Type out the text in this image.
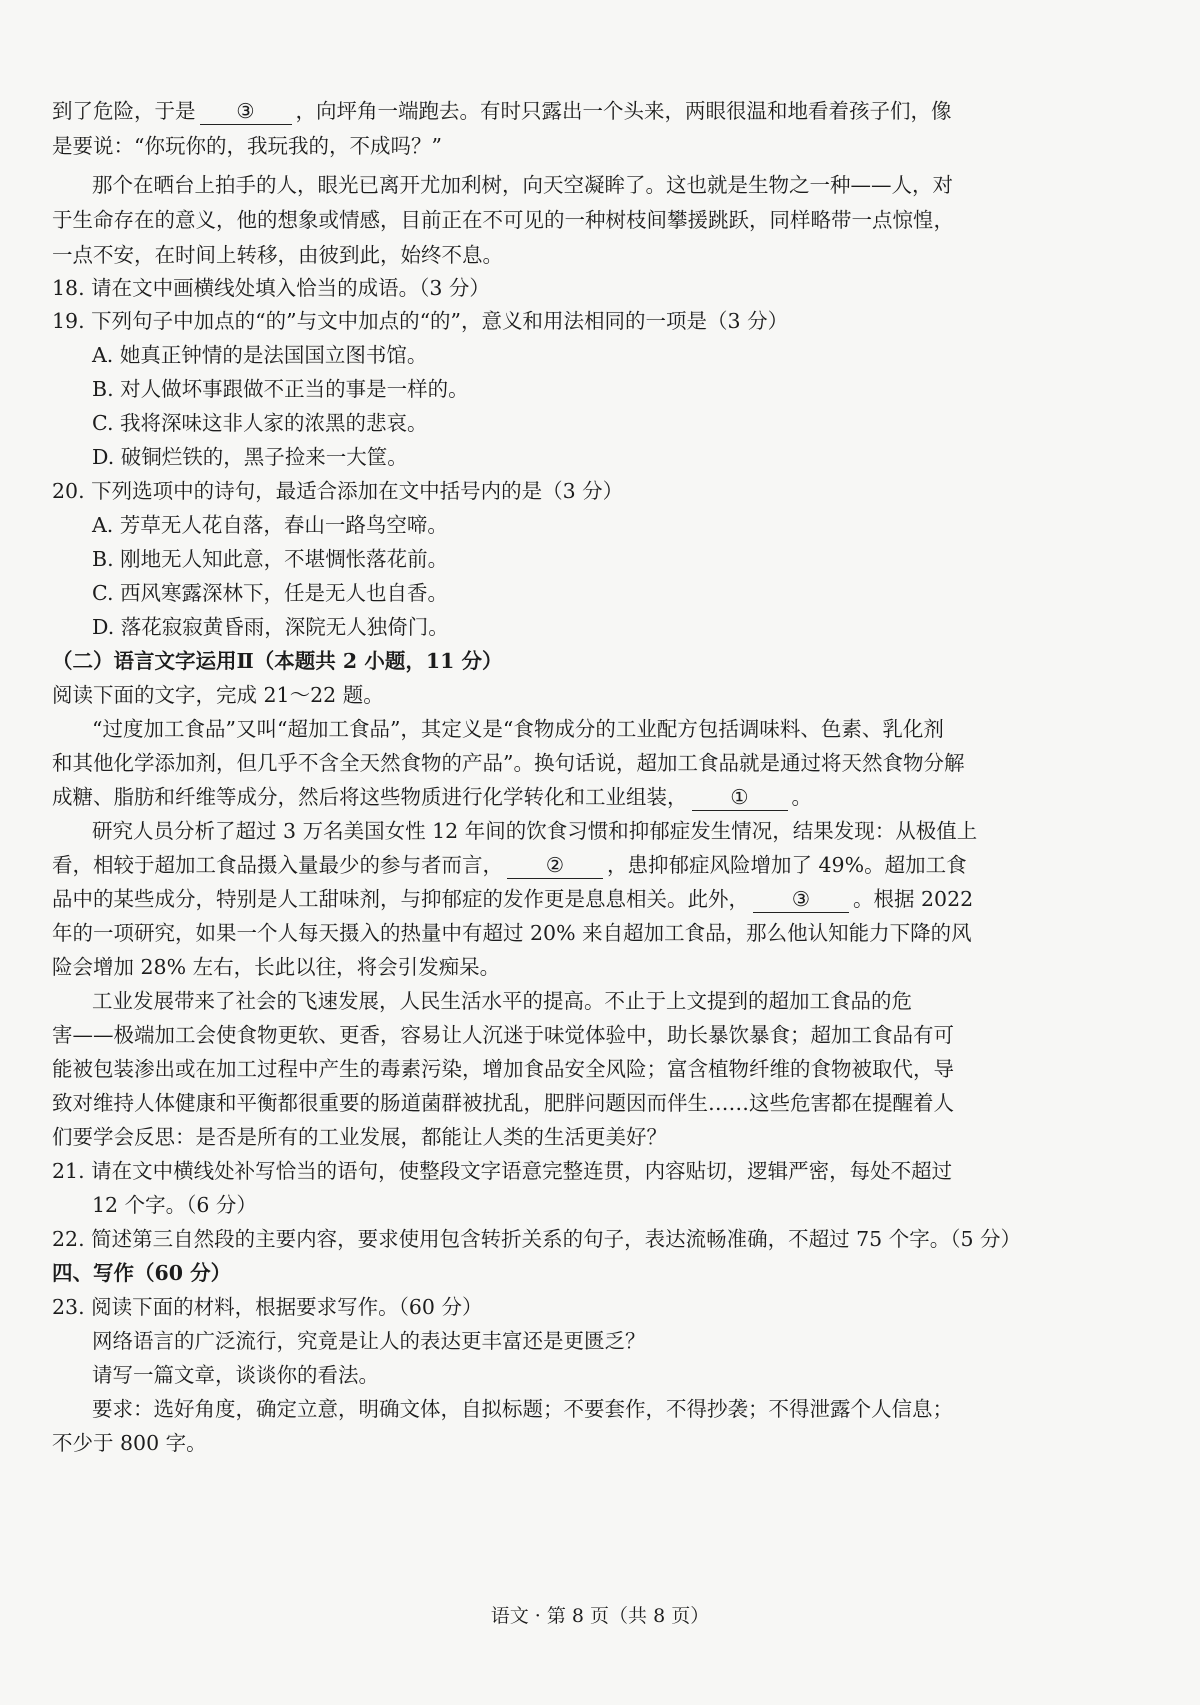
到了危险，于是 ③ ，向坪角一端跑去。有时只露出一个头来，两眼很温和地看着孩子们，像
是要说：“你玩你的，我玩我的，不成吗？”
那个在晒台上拍手的人，眼光已离开尤加利树，向天空凝眸了。这也就是生物之一种——人，对
于生命存在的意义，他的想象或情感，目前正在不可见的一种树枝间攀援跳跃，同样略带一点惊惶，
一点不安，在时间上转移，由彼到此，始终不息。
18. 请在文中画横线处填入恰当的成语。（3 分）
19. 下列句子中加点的“的”与文中加点的“的”，意义和用法相同的一项是（3 分）
A. 她真正钟情的是法国国立图书馆。
B. 对人做坏事跟做不正当的事是一样的。
C. 我将深味这非人家的浓黑的悲哀。
D. 破铜烂铁的，黑子捡来一大筐。
20. 下列选项中的诗句，最适合添加在文中括号内的是（3 分）
A. 芳草无人花自落，春山一路鸟空啼。
B. 刚地无人知此意，不堪惆怅落花前。
C. 西风寒露深林下，任是无人也自香。
D. 落花寂寂黄昏雨，深院无人独倚门。
（二）语言文字运用Ⅱ（本题共 2 小题，11 分）
阅读下面的文字，完成 21～22 题。
“过度加工食品”又叫“超加工食品”，其定义是“食物成分的工业配方包括调味料、色素、乳化剂
和其他化学添加剂，但几乎不含全天然食物的产品”。换句话说，超加工食品就是通过将天然食物分解
成糖、脂肪和纤维等成分，然后将这些物质进行化学转化和工业组装， ① 。
研究人员分析了超过 3 万名美国女性 12 年间的饮食习惯和抑郁症发生情况，结果发现：从极值上
看，相较于超加工食品摄入量最少的参与者而言， ② ，患抑郁症风险增加了 49%。超加工食
品中的某些成分，特别是人工甜味剂，与抑郁症的发作更是息息相关。此外， ③ 。根据 2022
年的一项研究，如果一个人每天摄入的热量中有超过 20% 来自超加工食品，那么他认知能力下降的风
险会增加 28% 左右，长此以往，将会引发痴呆。
工业发展带来了社会的飞速发展，人民生活水平的提高。不止于上文提到的超加工食品的危
害——极端加工会使食物更软、更香，容易让人沉迷于味觉体验中，助长暴饮暴食；超加工食品有可
能被包装渗出或在加工过程中产生的毒素污染，增加食品安全风险；富含植物纤维的食物被取代，导
致对维持人体健康和平衡都很重要的肠道菌群被扰乱，肥胖问题因而伴生……这些危害都在提醒着人
们要学会反思：是否是所有的工业发展，都能让人类的生活更美好？
21. 请在文中横线处补写恰当的语句，使整段文字语意完整连贯，内容贴切，逻辑严密，每处不超过
12 个字。（6 分）
22. 简述第三自然段的主要内容，要求使用包含转折关系的句子，表达流畅准确，不超过 75 个字。（5 分）
四、写作（60 分）
23. 阅读下面的材料，根据要求写作。（60 分）
网络语言的广泛流行，究竟是让人的表达更丰富还是更匮乏？
请写一篇文章，谈谈你的看法。
要求：选好角度，确定立意，明确文体，自拟标题；不要套作，不得抄袭；不得泄露个人信息；
不少于 800 字。
语文 · 第 8 页（共 8 页）
